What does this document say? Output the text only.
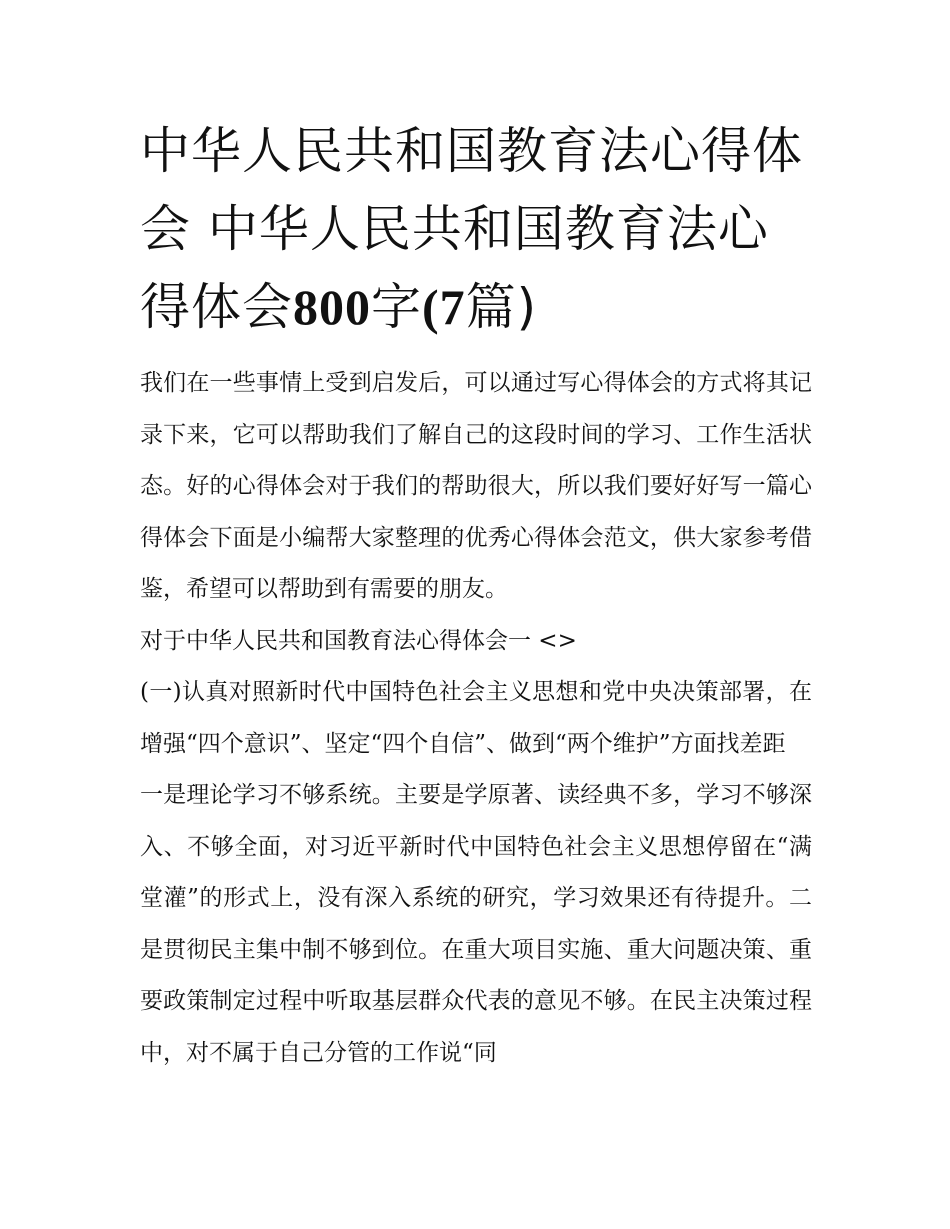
中华人民共和国教育法心得体会 中华人民共和国教育法心得体会800字(7篇)

我们在一些事情上受到启发后，可以通过写心得体会的方式将其记录下来，它可以帮助我们了解自己的这段时间的学习、工作生活状态。好的心得体会对于我们的帮助很大，所以我们要好好写一篇心得体会下面是小编帮大家整理的优秀心得体会范文，供大家参考借鉴，希望可以帮助到有需要的朋友。

对于中华人民共和国教育法心得体会一 <>

(一)认真对照新时代中国特色社会主义思想和党中央决策部署，在增强“四个意识”、坚定“四个自信”、做到“两个维护”方面找差距

一是理论学习不够系统。主要是学原著、读经典不多，学习不够深入、不够全面，对习近平新时代中国特色社会主义思想停留在“满堂灌”的形式上，没有深入系统的研究，学习效果还有待提升。二是贯彻民主集中制不够到位。在重大项目实施、重大问题决策、重要政策制定过程中听取基层群众代表的意见不够。在民主决策过程中，对不属于自己分管的工作说“同
